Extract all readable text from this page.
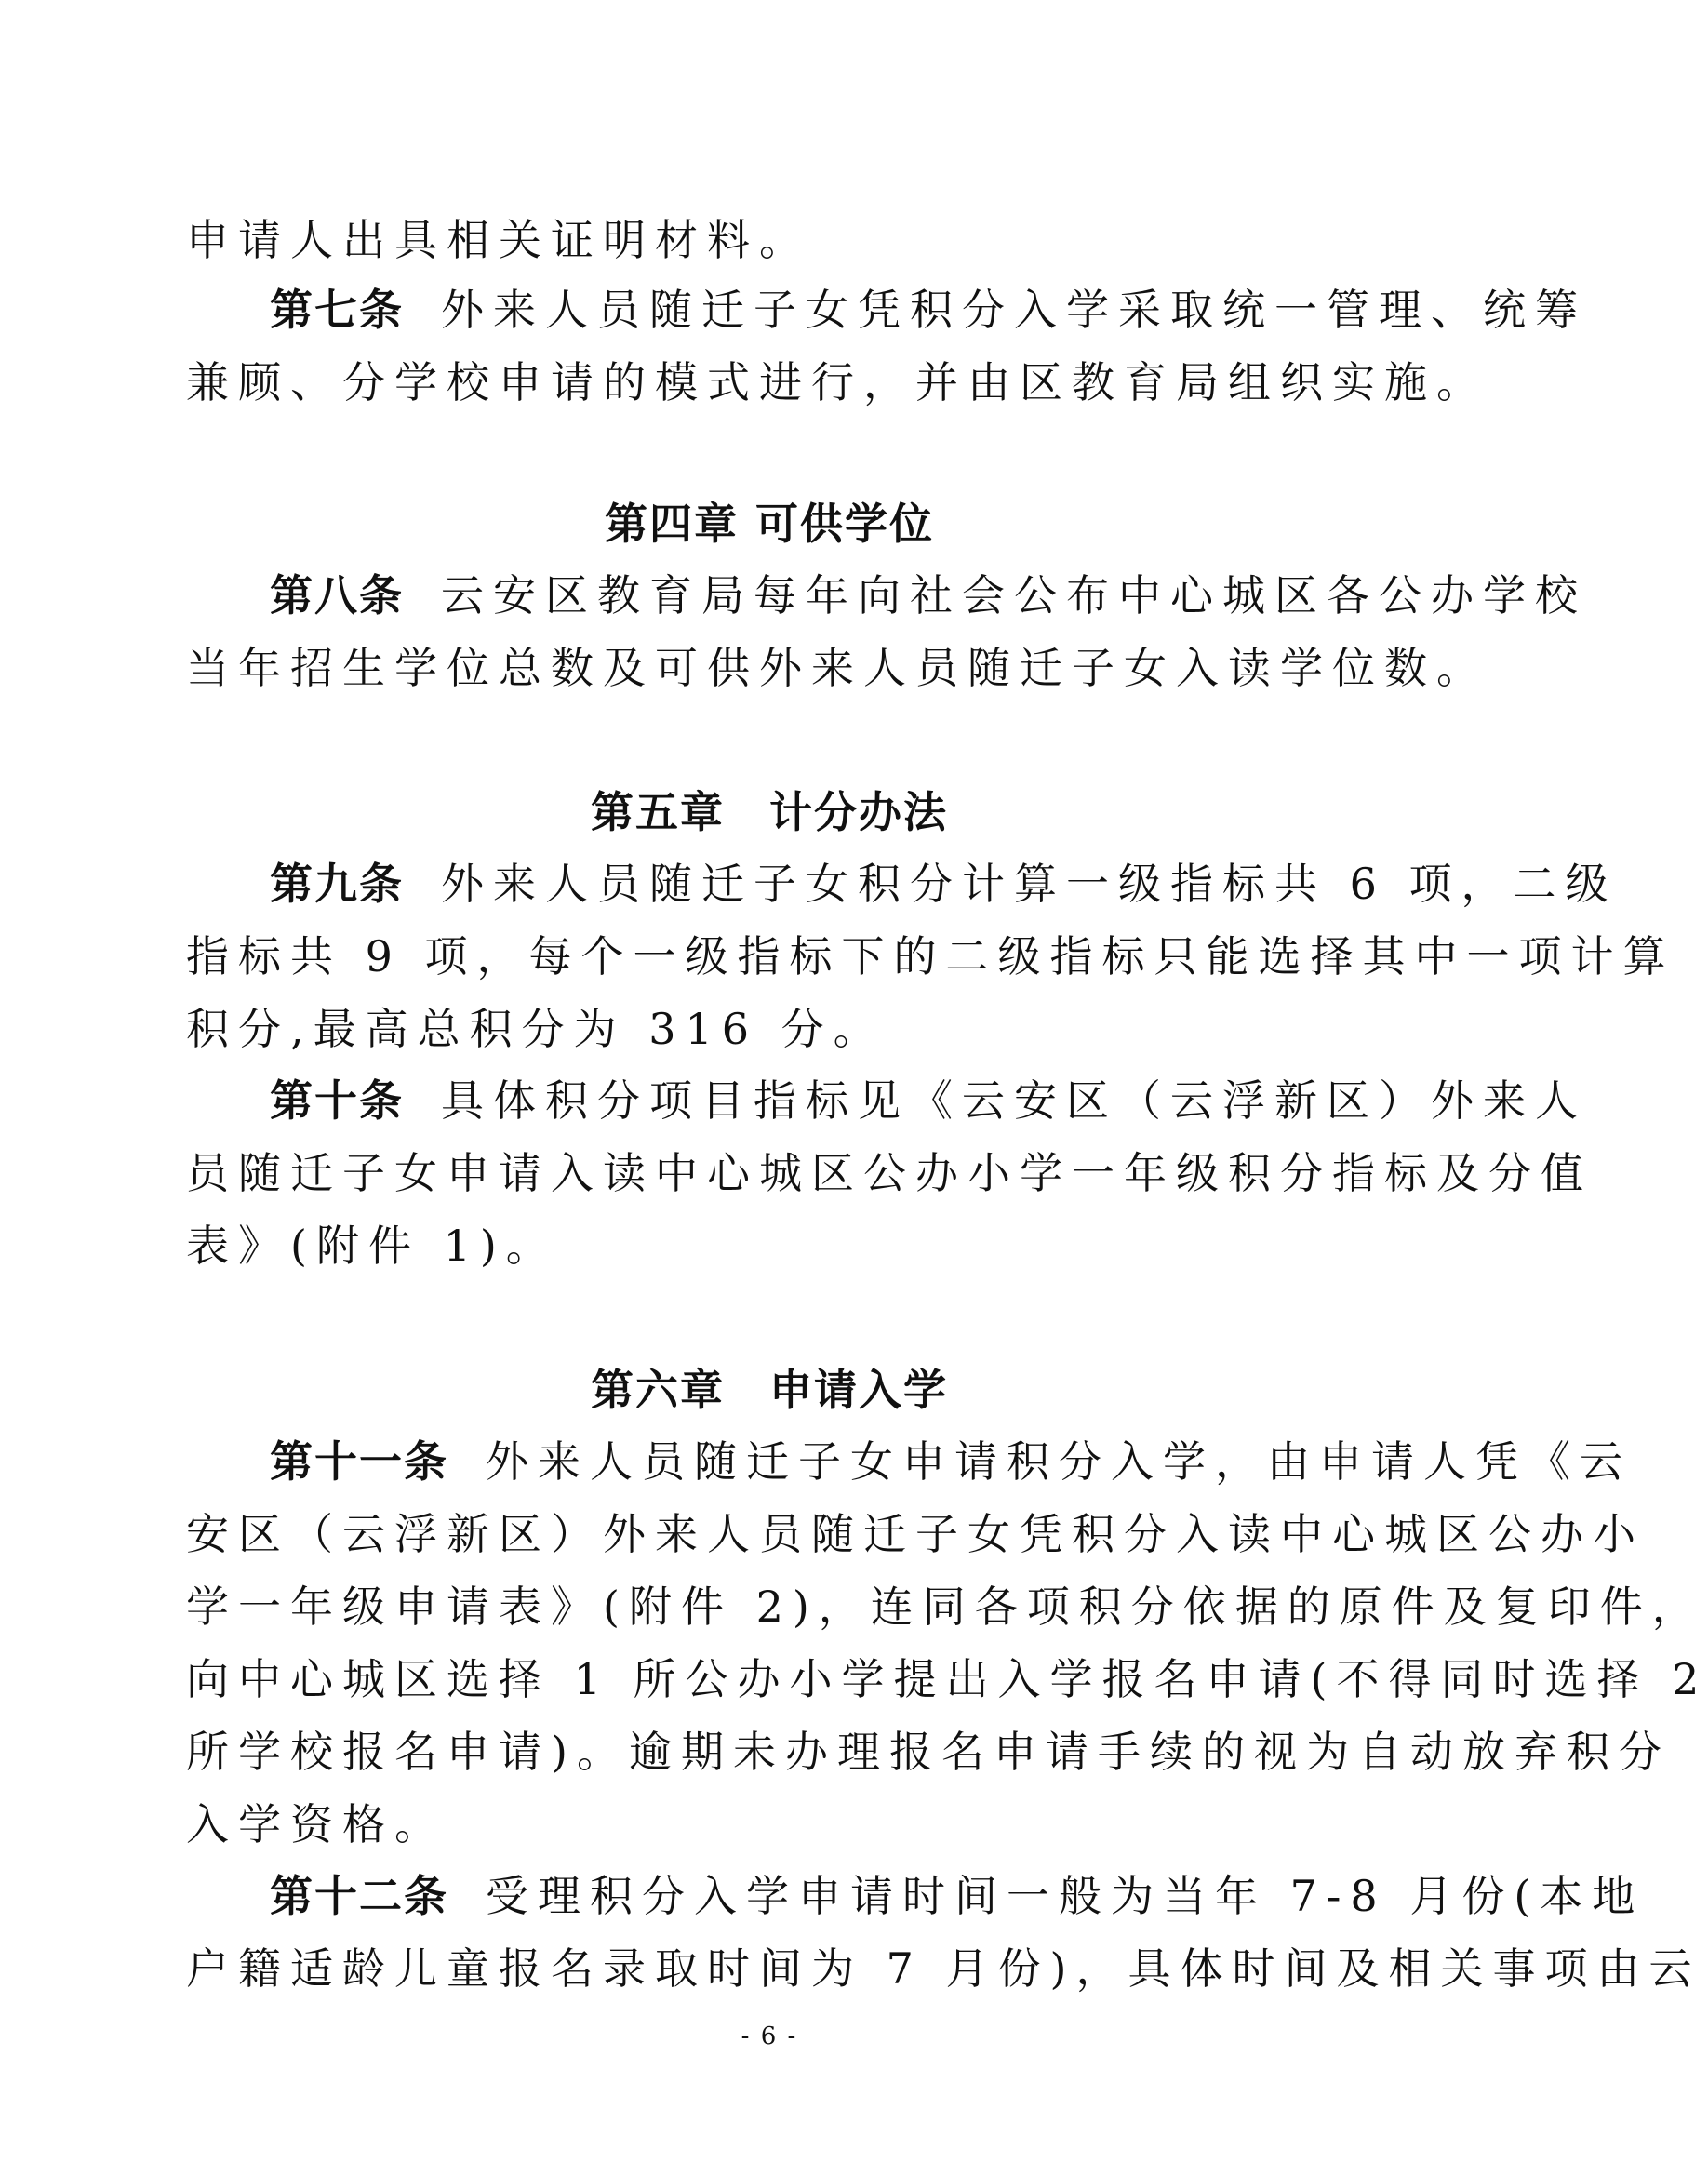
申请人出具相关证明材料。
第七条 外来人员随迁子女凭积分入学采取统一管理、统筹
兼顾、分学校申请的模式进行，并由区教育局组织实施。
第四章 可供学位
第八条 云安区教育局每年向社会公布中心城区各公办学校
当年招生学位总数及可供外来人员随迁子女入读学位数。
第五章　计分办法
第九条 外来人员随迁子女积分计算一级指标共 6 项，二级
指标共 9 项，每个一级指标下的二级指标只能选择其中一项计算
积分,最高总积分为 316 分。
第十条 具体积分项目指标见《云安区（云浮新区）外来人
员随迁子女申请入读中心城区公办小学一年级积分指标及分值
表》(附件 1)。
第六章　申请入学
第十一条 外来人员随迁子女申请积分入学，由申请人凭《云
安区（云浮新区）外来人员随迁子女凭积分入读中心城区公办小
学一年级申请表》(附件 2)，连同各项积分依据的原件及复印件，
向中心城区选择 1 所公办小学提出入学报名申请(不得同时选择 2
所学校报名申请)。逾期未办理报名申请手续的视为自动放弃积分
入学资格。
第十二条 受理积分入学申请时间一般为当年 7-8 月份(本地
户籍适龄儿童报名录取时间为 7 月份)，具体时间及相关事项由云
- 6 -
